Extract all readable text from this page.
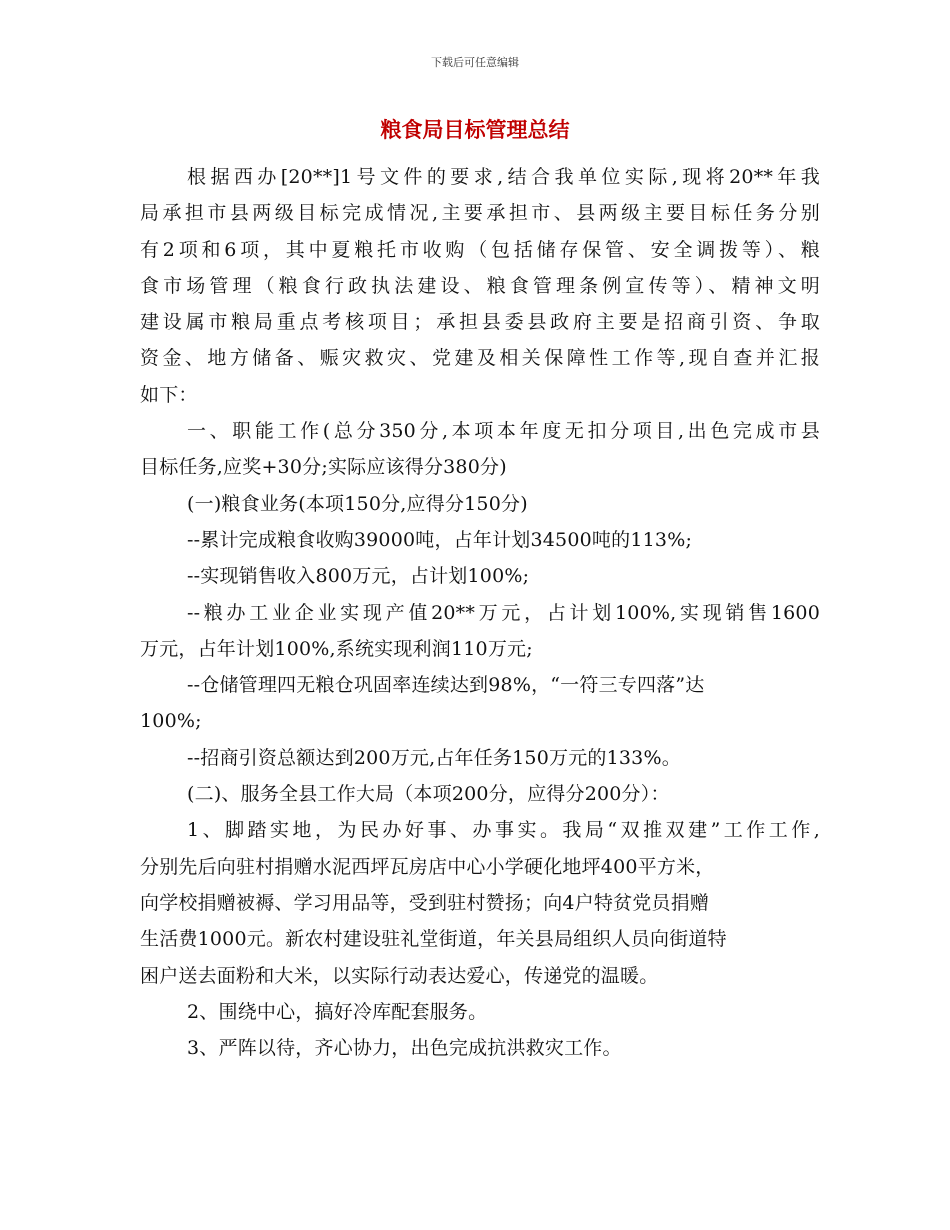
下载后可任意编辑
粮食局目标管理总结
根据西办[20**]1号文件的要求,结合我单位实际,现将20**年我
局承担市县两级目标完成情况,主要承担市、县两级主要目标任务分别
有2项和6项，其中夏粮托市收购（包括储存保管、安全调拨等）、粮
食市场管理（粮食行政执法建设、粮食管理条例宣传等）、精神文明
建设属市粮局重点考核项目；承担县委县政府主要是招商引资、争取
资金、地方储备、赈灾救灾、党建及相关保障性工作等,现自查并汇报
如下：
一、职能工作(总分350分,本项本年度无扣分项目,出色完成市县
目标任务,应奖+30分;实际应该得分380分)
(一)粮食业务(本项150分,应得分150分)
--累计完成粮食收购39000吨，占年计划34500吨的113%;
--实现销售收入800万元，占计划100%;
--粮办工业企业实现产值20**万元，占计划100%,实现销售1600
万元，占年计划100%,系统实现利润110万元;
--仓储管理四无粮仓巩固率连续达到98%，“一符三专四落”达
100%;
--招商引资总额达到200万元,占年任务150万元的133%。
(二)、服务全县工作大局（本项200分，应得分200分）：
1、脚踏实地，为民办好事、办事实。我局“双推双建”工作工作,
分别先后向驻村捐赠水泥西坪瓦房店中心小学硬化地坪400平方米，
向学校捐赠被褥、学习用品等，受到驻村赞扬；向4户特贫党员捐赠
生活费1000元。新农村建设驻礼堂街道，年关县局组织人员向街道特
困户送去面粉和大米，以实际行动表达爱心，传递党的温暖。
2、围绕中心，搞好冷库配套服务。
3、严阵以待，齐心协力，出色完成抗洪救灾工作。
